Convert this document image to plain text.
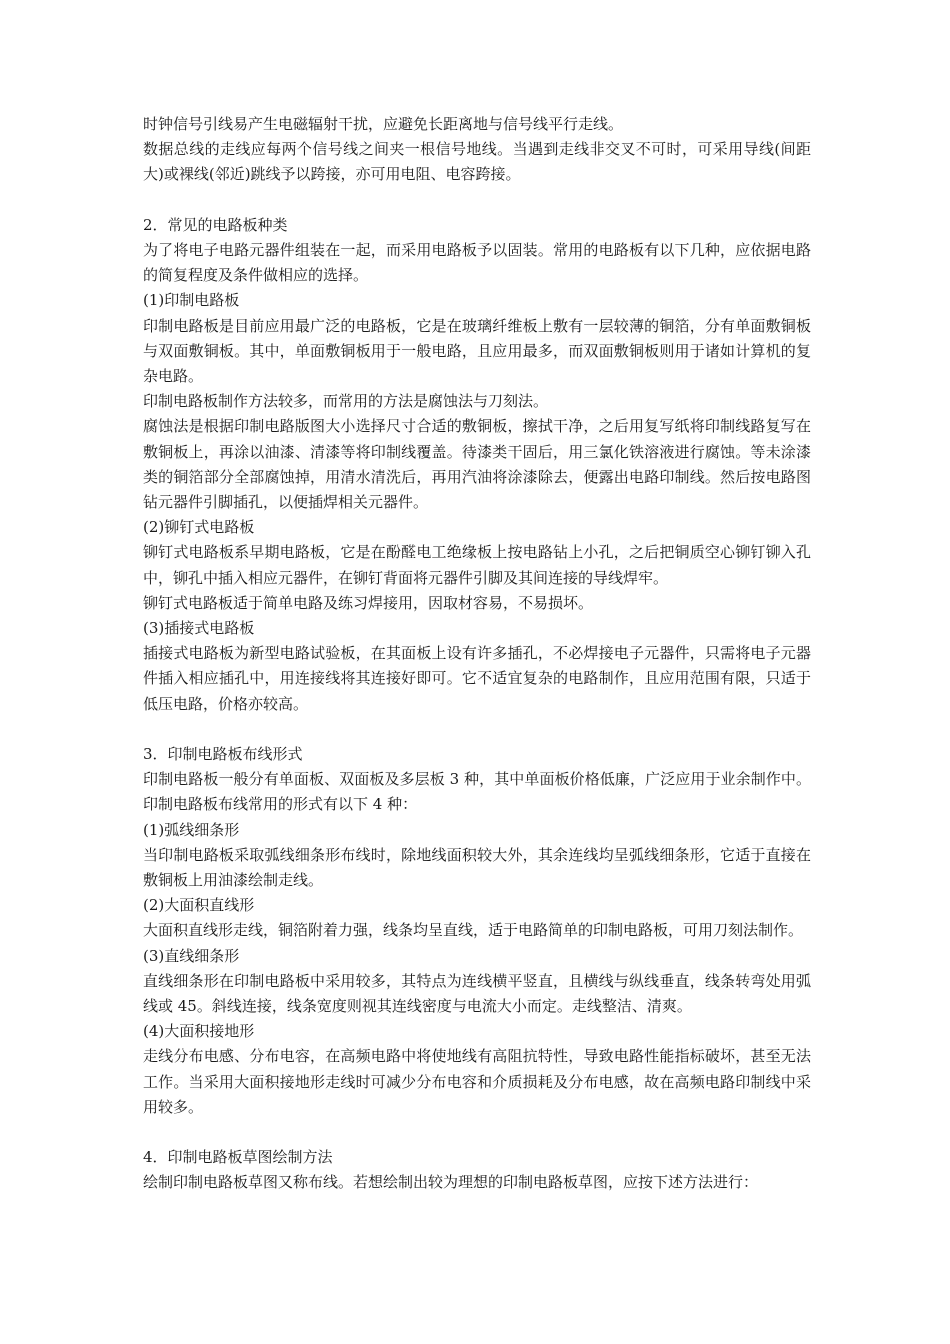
时钟信号引线易产生电磁辐射干扰，应避免长距离地与信号线平行走线。

数据总线的走线应每两个信号线之间夹一根信号地线。当遇到走线非交叉不可时，可采用导线(间距大)或裸线(邻近)跳线予以跨接，亦可用电阻、电容跨接。

2．常见的电路板种类

为了将电子电路元器件组装在一起，而采用电路板予以固装。常用的电路板有以下几种，应依据电路的简复程度及条件做相应的选择。

(1)印制电路板

印制电路板是目前应用最广泛的电路板，它是在玻璃纤维板上敷有一层较薄的铜箔，分有单面敷铜板与双面敷铜板。其中，单面敷铜板用于一般电路，且应用最多，而双面敷铜板则用于诸如计算机的复杂电路。

印制电路板制作方法较多，而常用的方法是腐蚀法与刀刻法。

腐蚀法是根据印制电路版图大小选择尺寸合适的敷铜板，擦拭干净，之后用复写纸将印制线路复写在敷铜板上，再涂以油漆、清漆等将印制线覆盖。待漆类干固后，用三氯化铁溶液进行腐蚀。等未涂漆类的铜箔部分全部腐蚀掉，用清水清洗后，再用汽油将涂漆除去，便露出电路印制线。然后按电路图钻元器件引脚插孔，以便插焊相关元器件。

(2)铆钉式电路板

铆钉式电路板系早期电路板，它是在酚醛电工绝缘板上按电路钻上小孔，之后把铜质空心铆钉铆入孔中，铆孔中插入相应元器件，在铆钉背面将元器件引脚及其间连接的导线焊牢。

铆钉式电路板适于简单电路及练习焊接用，因取材容易，不易损坏。

(3)插接式电路板

插接式电路板为新型电路试验板，在其面板上设有许多插孔，不必焊接电子元器件，只需将电子元器件插入相应插孔中，用连接线将其连接好即可。它不适宜复杂的电路制作，且应用范围有限，只适于低压电路，价格亦较高。

3．印制电路板布线形式

印制电路板一般分有单面板、双面板及多层板 3 种，其中单面板价格低廉，广泛应用于业余制作中。印制电路板布线常用的形式有以下 4 种：

(1)弧线细条形

当印制电路板采取弧线细条形布线时，除地线面积较大外，其余连线均呈弧线细条形，它适于直接在敷铜板上用油漆绘制走线。

(2)大面积直线形

大面积直线形走线，铜箔附着力强，线条均呈直线，适于电路简单的印制电路板，可用刀刻法制作。

(3)直线细条形

直线细条形在印制电路板中采用较多，其特点为连线横平竖直，且横线与纵线垂直，线条转弯处用弧线或 45。斜线连接，线条宽度则视其连线密度与电流大小而定。走线整洁、清爽。

(4)大面积接地形

走线分布电感、分布电容，在高频电路中将使地线有高阻抗特性，导致电路性能指标破坏，甚至无法工作。当采用大面积接地形走线时可减少分布电容和介质损耗及分布电感，故在高频电路印制线中采用较多。

4．印制电路板草图绘制方法

绘制印制电路板草图又称布线。若想绘制出较为理想的印制电路板草图，应按下述方法进行：
